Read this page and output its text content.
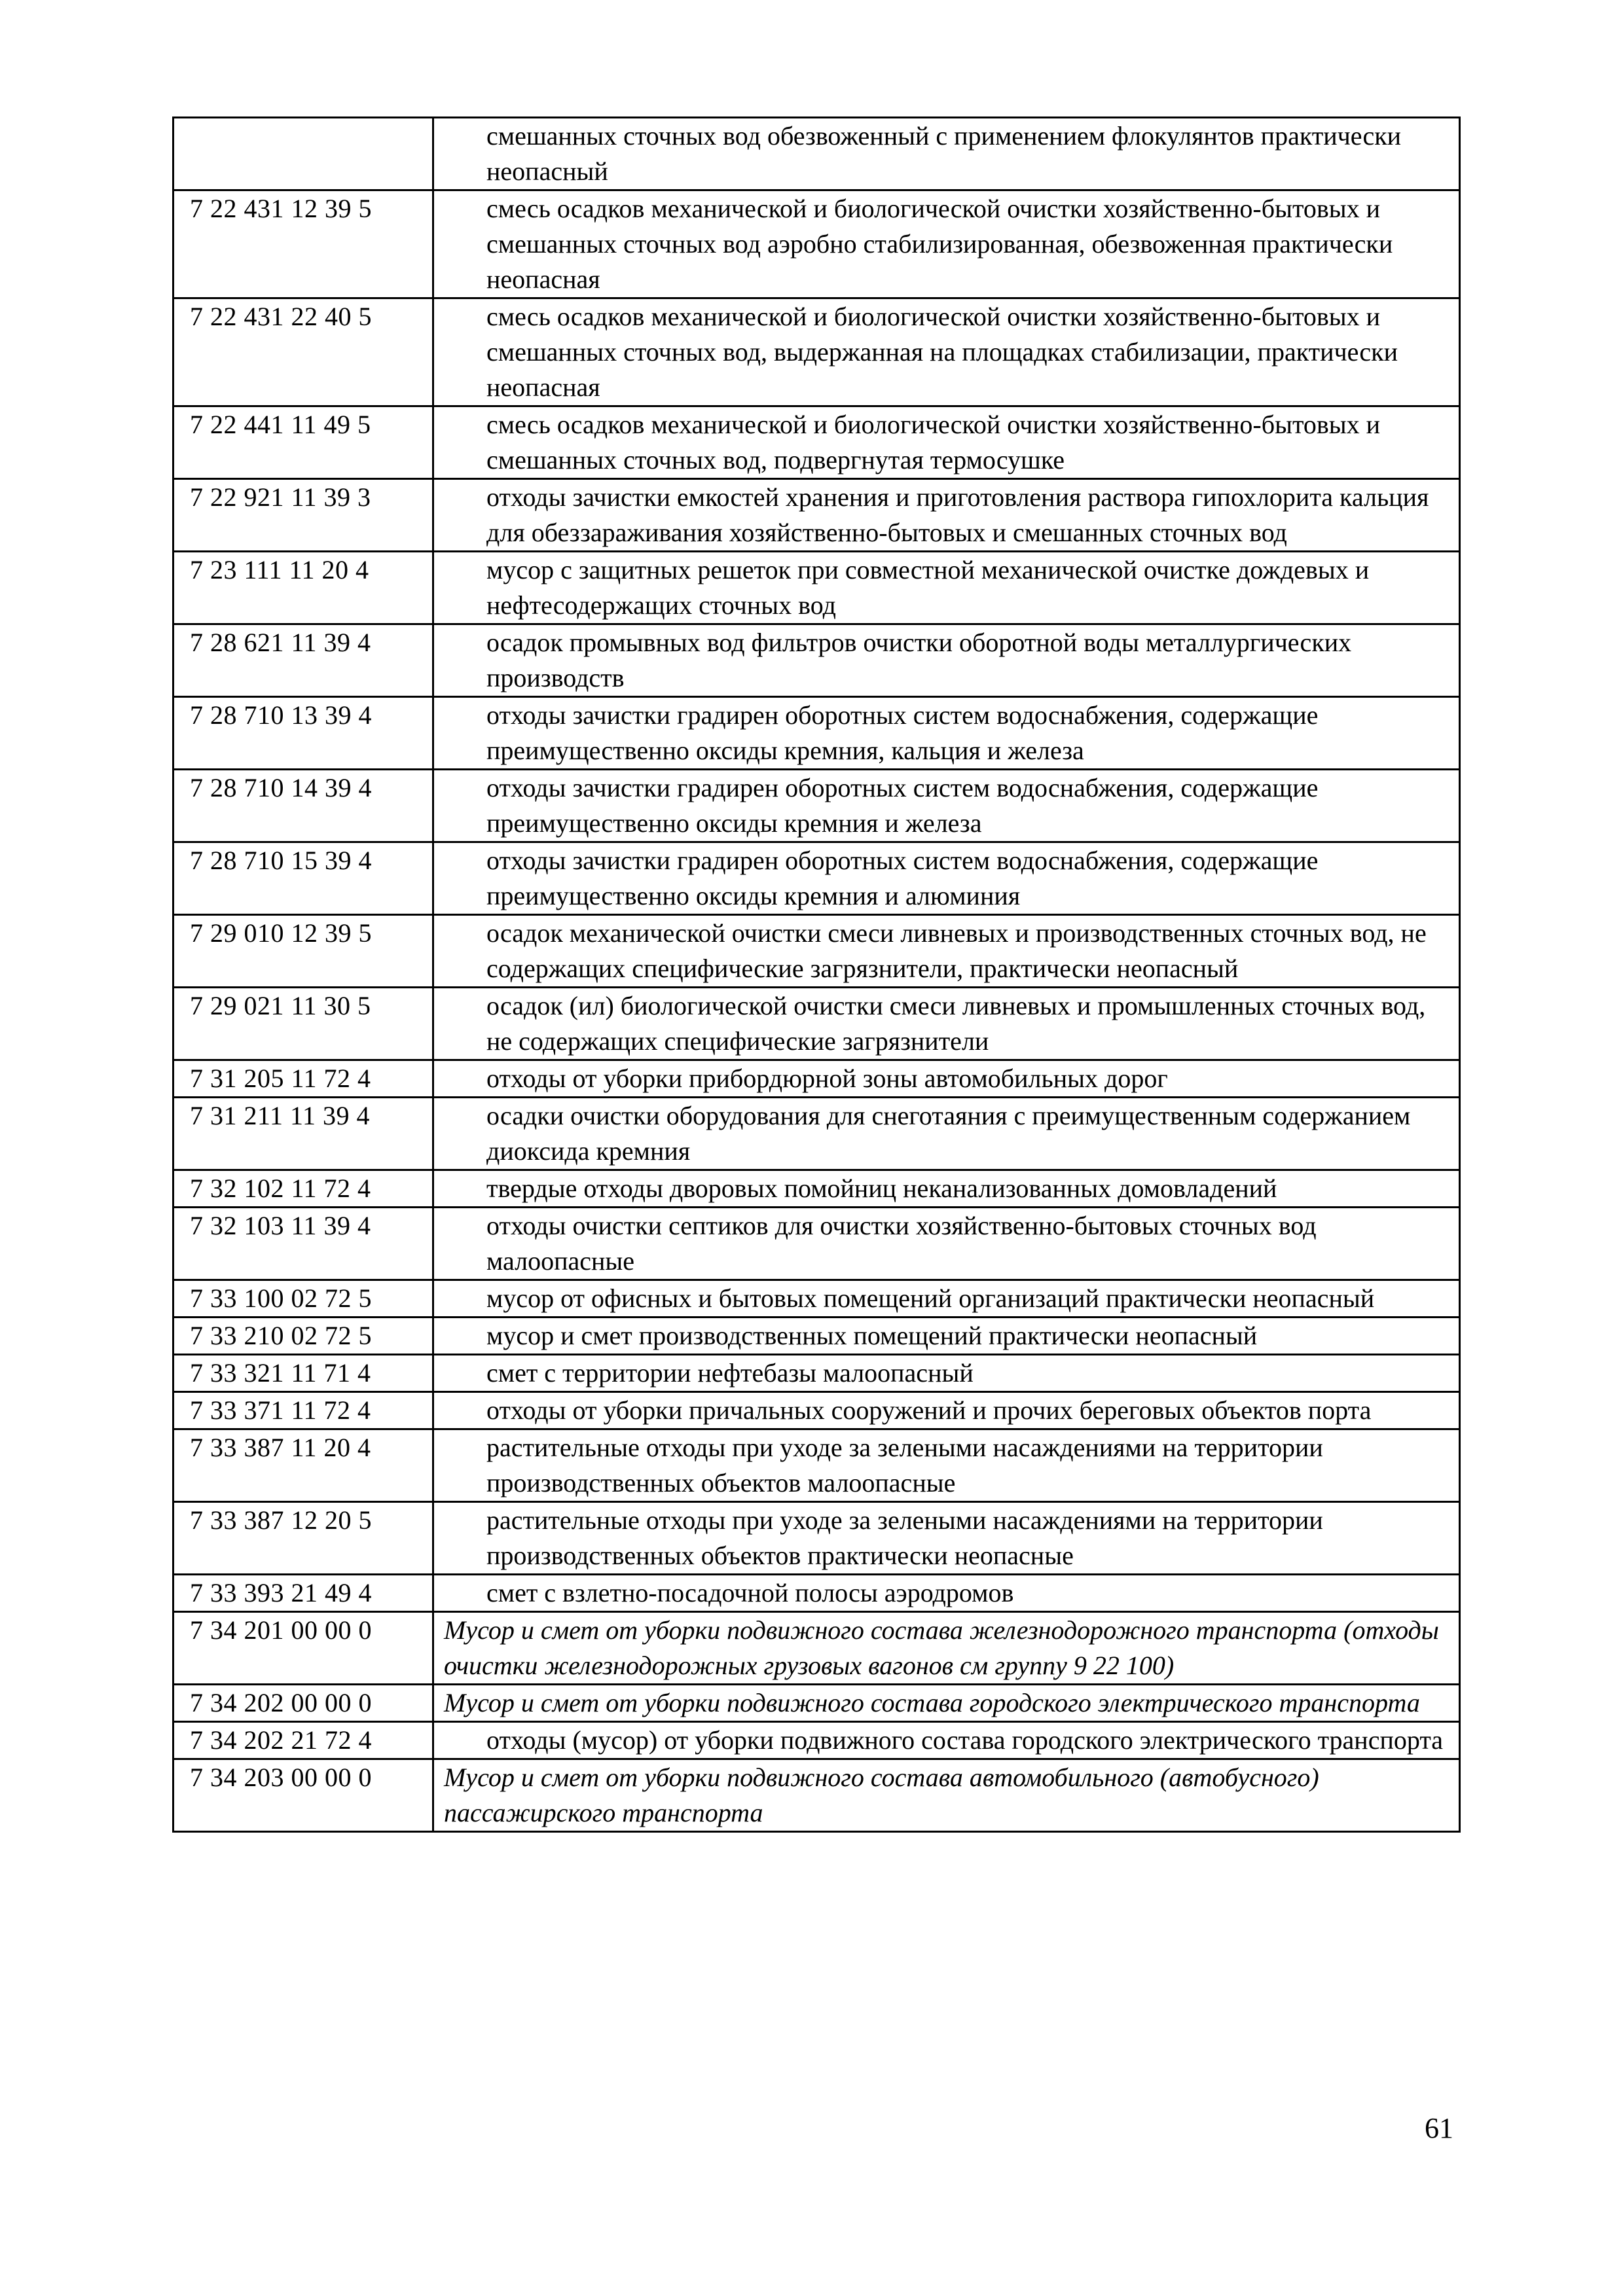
	смешанных сточных вод обезвоженный с применением флокулянтов практически неопасный
7 22 431 12 39 5	смесь осадков механической и биологической очистки хозяйственно-бытовых и смешанных сточных вод аэробно стабилизированная, обезвоженная практически неопасная
7 22 431 22 40 5	смесь осадков механической и биологической очистки хозяйственно-бытовых и смешанных сточных вод, выдержанная на площадках стабилизации, практически неопасная
7 22 441 11 49 5	смесь осадков механической и биологической очистки хозяйственно-бытовых и смешанных сточных вод, подвергнутая термосушке
7 22 921 11 39 3	отходы зачистки емкостей хранения и приготовления раствора гипохлорита кальция для обеззараживания хозяйственно-бытовых и смешанных сточных вод
7 23 111 11 20 4	мусор с защитных решеток при совместной механической очистке дождевых и нефтесодержащих сточных вод
7 28 621 11 39 4	осадок промывных вод фильтров очистки оборотной воды металлургических производств
7 28 710 13 39 4	отходы зачистки градирен оборотных систем водоснабжения, содержащие преимущественно оксиды кремния, кальция и железа
7 28 710 14 39 4	отходы зачистки градирен оборотных систем водоснабжения, содержащие преимущественно оксиды кремния и железа
7 28 710 15 39 4	отходы зачистки градирен оборотных систем водоснабжения, содержащие преимущественно оксиды кремния и алюминия
7 29 010 12 39 5	осадок механической очистки смеси ливневых и производственных сточных вод, не содержащих специфические загрязнители, практически неопасный
7 29 021 11 30 5	осадок (ил) биологической очистки смеси ливневых и промышленных сточных вод, не содержащих специфические загрязнители
7 31 205 11 72 4	отходы от уборки прибордюрной зоны автомобильных дорог
7 31 211 11 39 4	осадки очистки оборудования для снеготаяния с преимущественным содержанием диоксида кремния
7 32 102 11 72 4	твердые отходы дворовых помойниц неканализованных домовладений
7 32 103 11 39 4	отходы очистки септиков для очистки хозяйственно-бытовых сточных вод малоопасные
7 33 100 02 72 5	мусор от офисных и бытовых помещений организаций практически неопасный
7 33 210 02 72 5	мусор и смет производственных помещений практически неопасный
7 33 321 11 71 4	смет с территории нефтебазы малоопасный
7 33 371 11 72 4	отходы от уборки причальных сооружений и прочих береговых объектов порта
7 33 387 11 20 4	растительные отходы при уходе за зелеными насаждениями на территории производственных объектов малоопасные
7 33 387 12 20 5	растительные отходы при уходе за зелеными насаждениями на территории производственных объектов практически неопасные
7 33 393 21 49 4	смет с взлетно-посадочной полосы аэродромов
7 34 201 00 00 0	Мусор и смет от уборки подвижного состава железнодорожного транспорта (отходы очистки железнодорожных грузовых вагонов см группу 9 22 100)
7 34 202 00 00 0	Мусор и смет от уборки подвижного состава городского электрического транспорта
7 34 202 21 72 4	отходы (мусор) от уборки подвижного состава городского электрического транспорта
7 34 203 00 00 0	Мусор и смет от уборки подвижного состава автомобильного (автобусного) пассажирского транспорта
61
